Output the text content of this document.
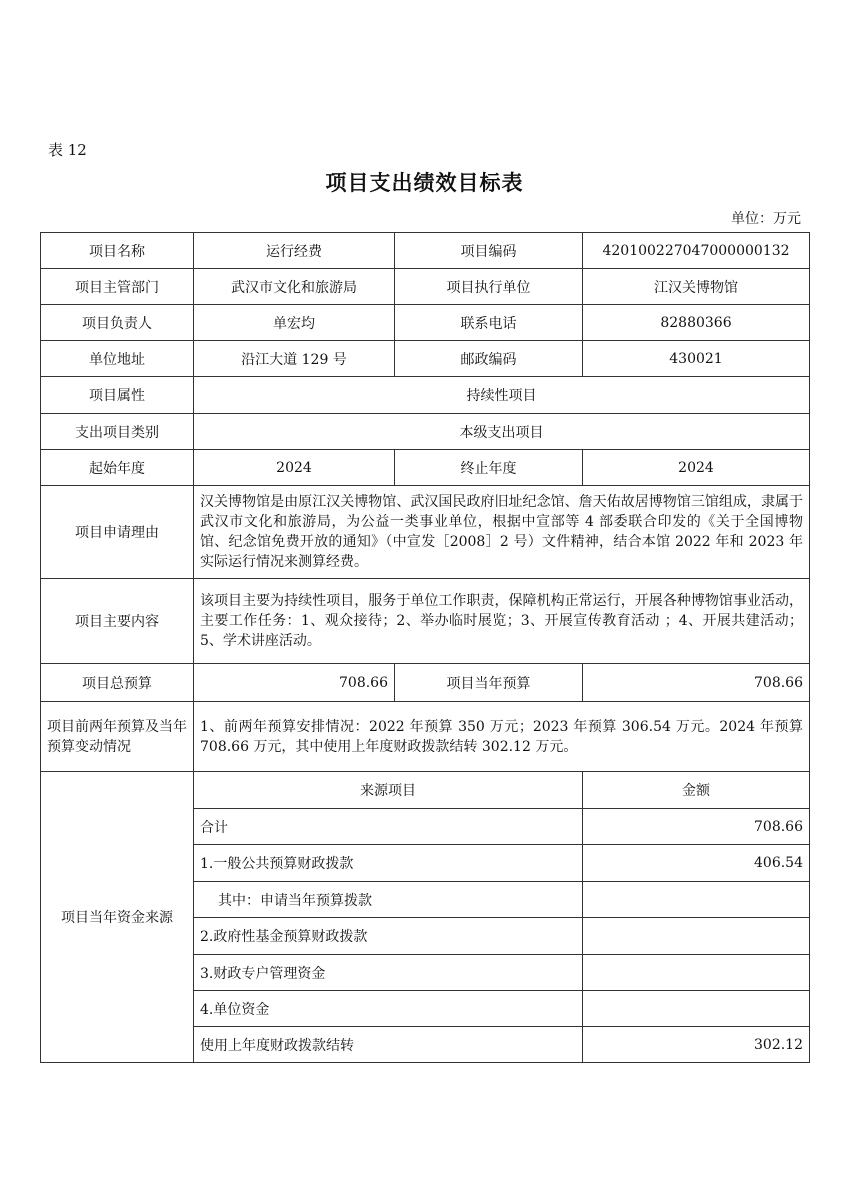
表 12
项目支出绩效目标表
单位：万元
项目名称	运行经费	项目编码	420100227047000000132
项目主管部门	武汉市文化和旅游局	项目执行单位	江汉关博物馆
项目负责人	单宏均	联系电话	82880366
单位地址	沿江大道 129 号	邮政编码	430021
项目属性	持续性项目		
支出项目类别	本级支出项目		
起始年度	2024	终止年度	2024
项目申请理由	汉关博物馆是由原江汉关博物馆、武汉国民政府旧址纪念馆、詹天佑故居博物馆三馆组成，隶属于武汉市文化和旅游局，为公益一类事业单位，根据中宣部等 4 部委联合印发的《关于全国博物馆、纪念馆免费开放的通知》（中宣发［2008］2 号）文件精神，结合本馆 2022 年和 2023 年实际运行情况来测算经费。		
项目主要内容	该项目主要为持续性项目，服务于单位工作职责，保障机构正常运行，开展各种博物馆事业活动，主要工作任务：1、观众接待；2、举办临时展览；3、开展宣传教育活动 ；4、开展共建活动；5、学术讲座活动。		
项目总预算	708.66	项目当年预算	708.66
项目前两年预算及当年预算变动情况	1、前两年预算安排情况：2022 年预算 350 万元；2023 年预算 306.54 万元。2024 年预算 708.66 万元，其中使用上年度财政拨款结转 302.12 万元。		
项目当年资金来源	来源项目		金额
	合计		708.66
	1.一般公共预算财政拨款		406.54
	其中：申请当年预算拨款		
	2.政府性基金预算财政拨款		
	3.财政专户管理资金		
	4.单位资金		
	使用上年度财政拨款结转		302.12
